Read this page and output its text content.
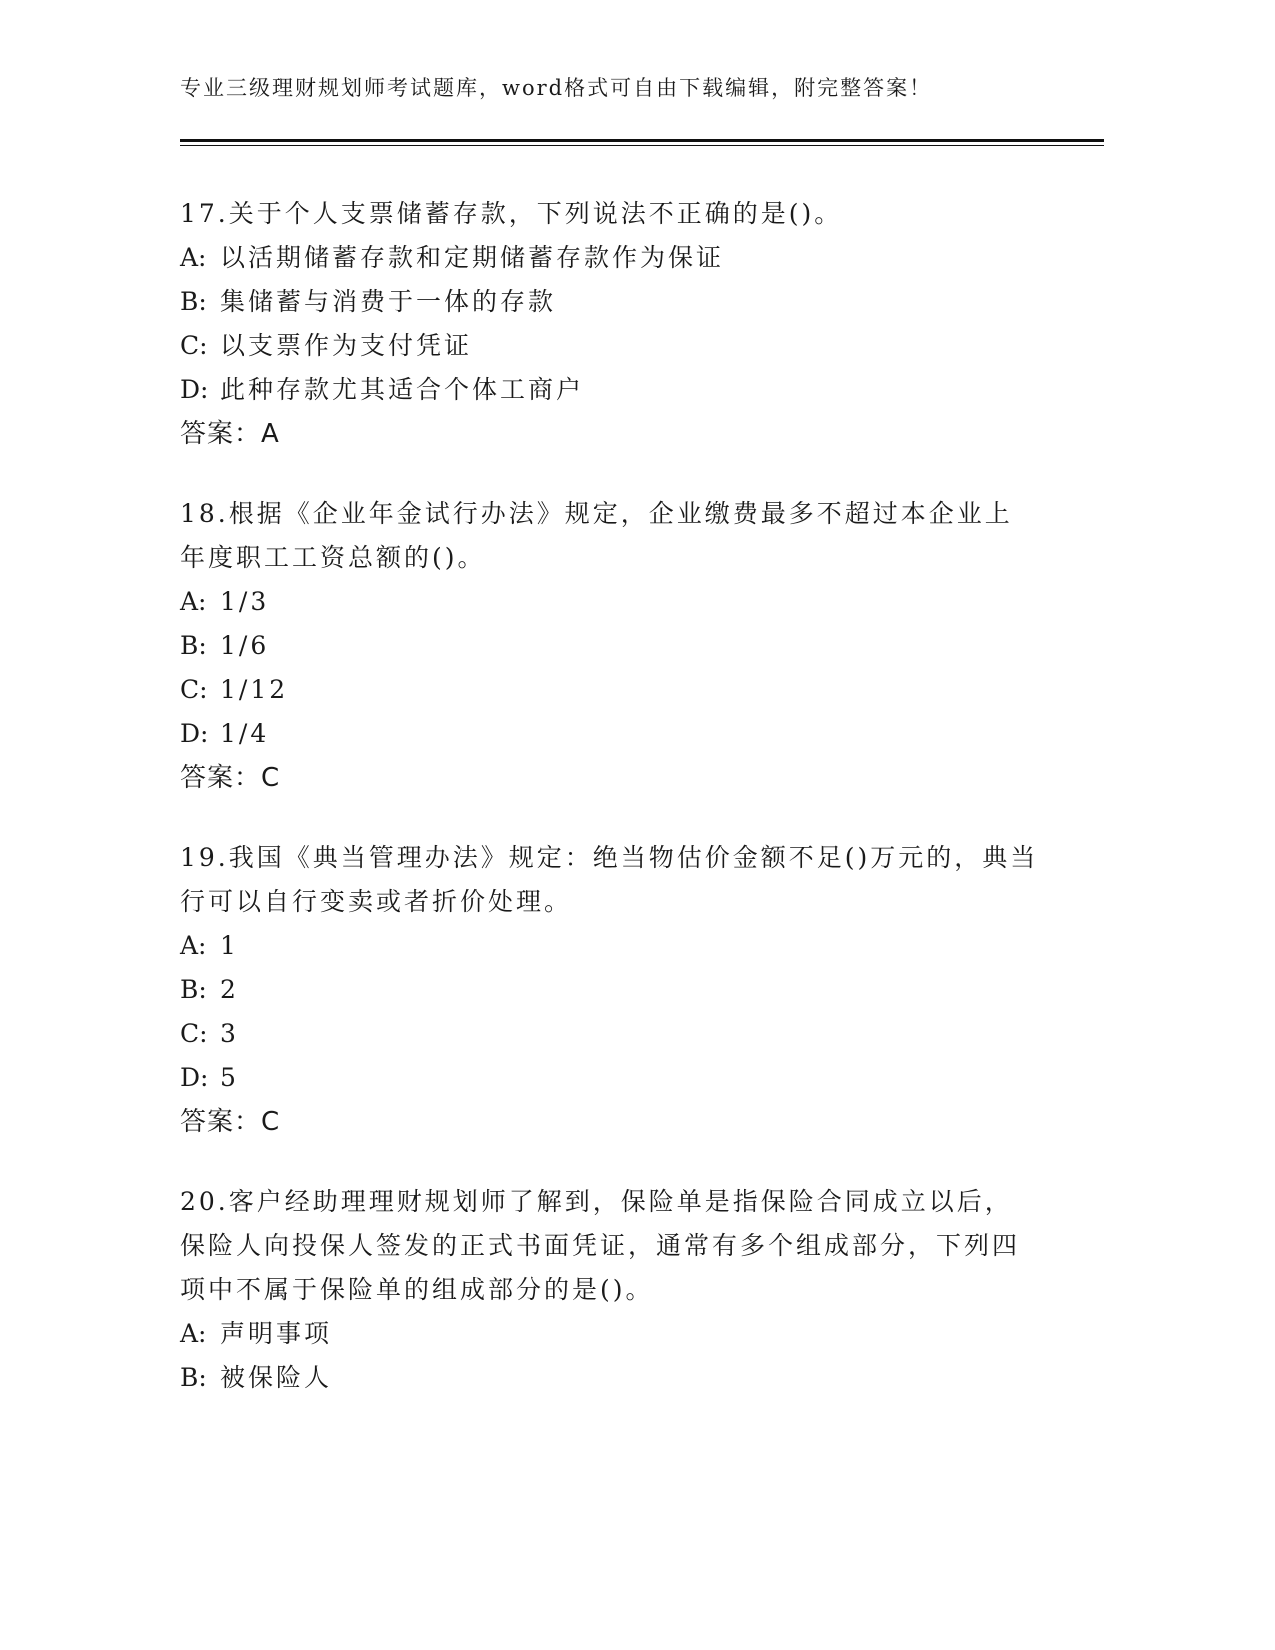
专业三级理财规划师考试题库，word格式可自由下载编辑，附完整答案！
17.关于个人支票储蓄存款，下列说法不正确的是()。
A: 以活期储蓄存款和定期储蓄存款作为保证
B: 集储蓄与消费于一体的存款
C: 以支票作为支付凭证
D: 此种存款尤其适合个体工商户
答案：A
18.根据《企业年金试行办法》规定，企业缴费最多不超过本企业上年度职工工资总额的()。
A: 1/3
B: 1/6
C: 1/12
D: 1/4
答案：C
19.我国《典当管理办法》规定：绝当物估价金额不足()万元的，典当行可以自行变卖或者折价处理。
A: 1
B: 2
C: 3
D: 5
答案：C
20.客户经助理理财规划师了解到，保险单是指保险合同成立以后，保险人向投保人签发的正式书面凭证，通常有多个组成部分，下列四项中不属于保险单的组成部分的是()。
A: 声明事项
B: 被保险人
